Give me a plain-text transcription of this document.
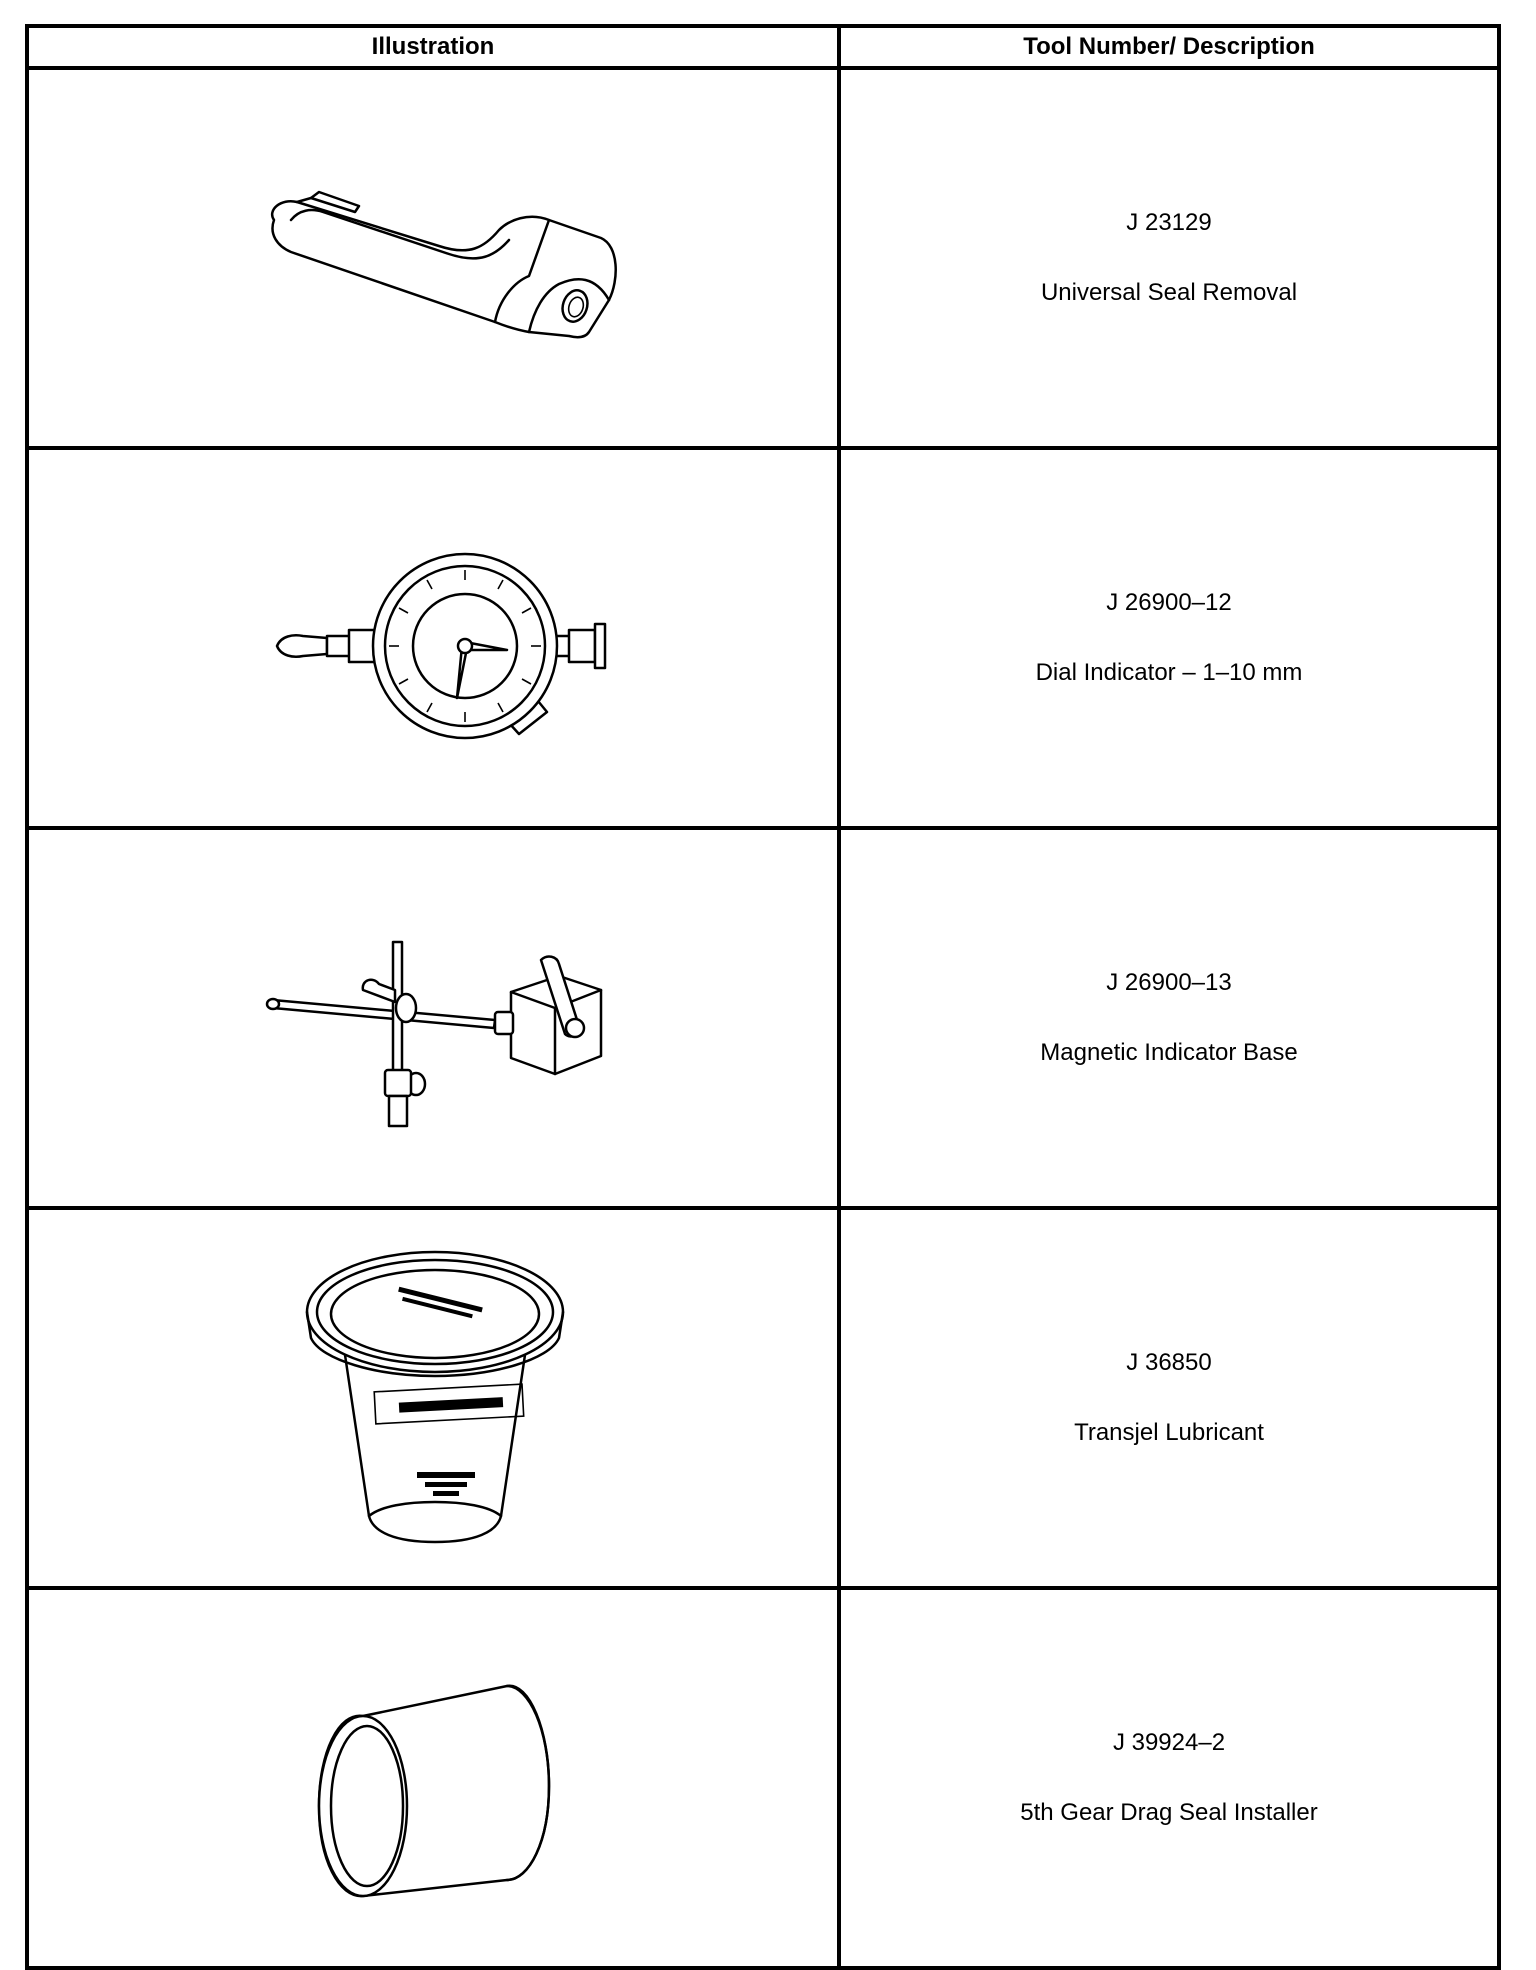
Illustration	Tool Number/ Description

J 23129
Universal Seal Removal

J 26900–12
Dial Indicator – 1–10 mm

J 26900–13
Magnetic Indicator Base

J 36850
Transjel Lubricant

J 39924–2
5th Gear Drag Seal Installer
